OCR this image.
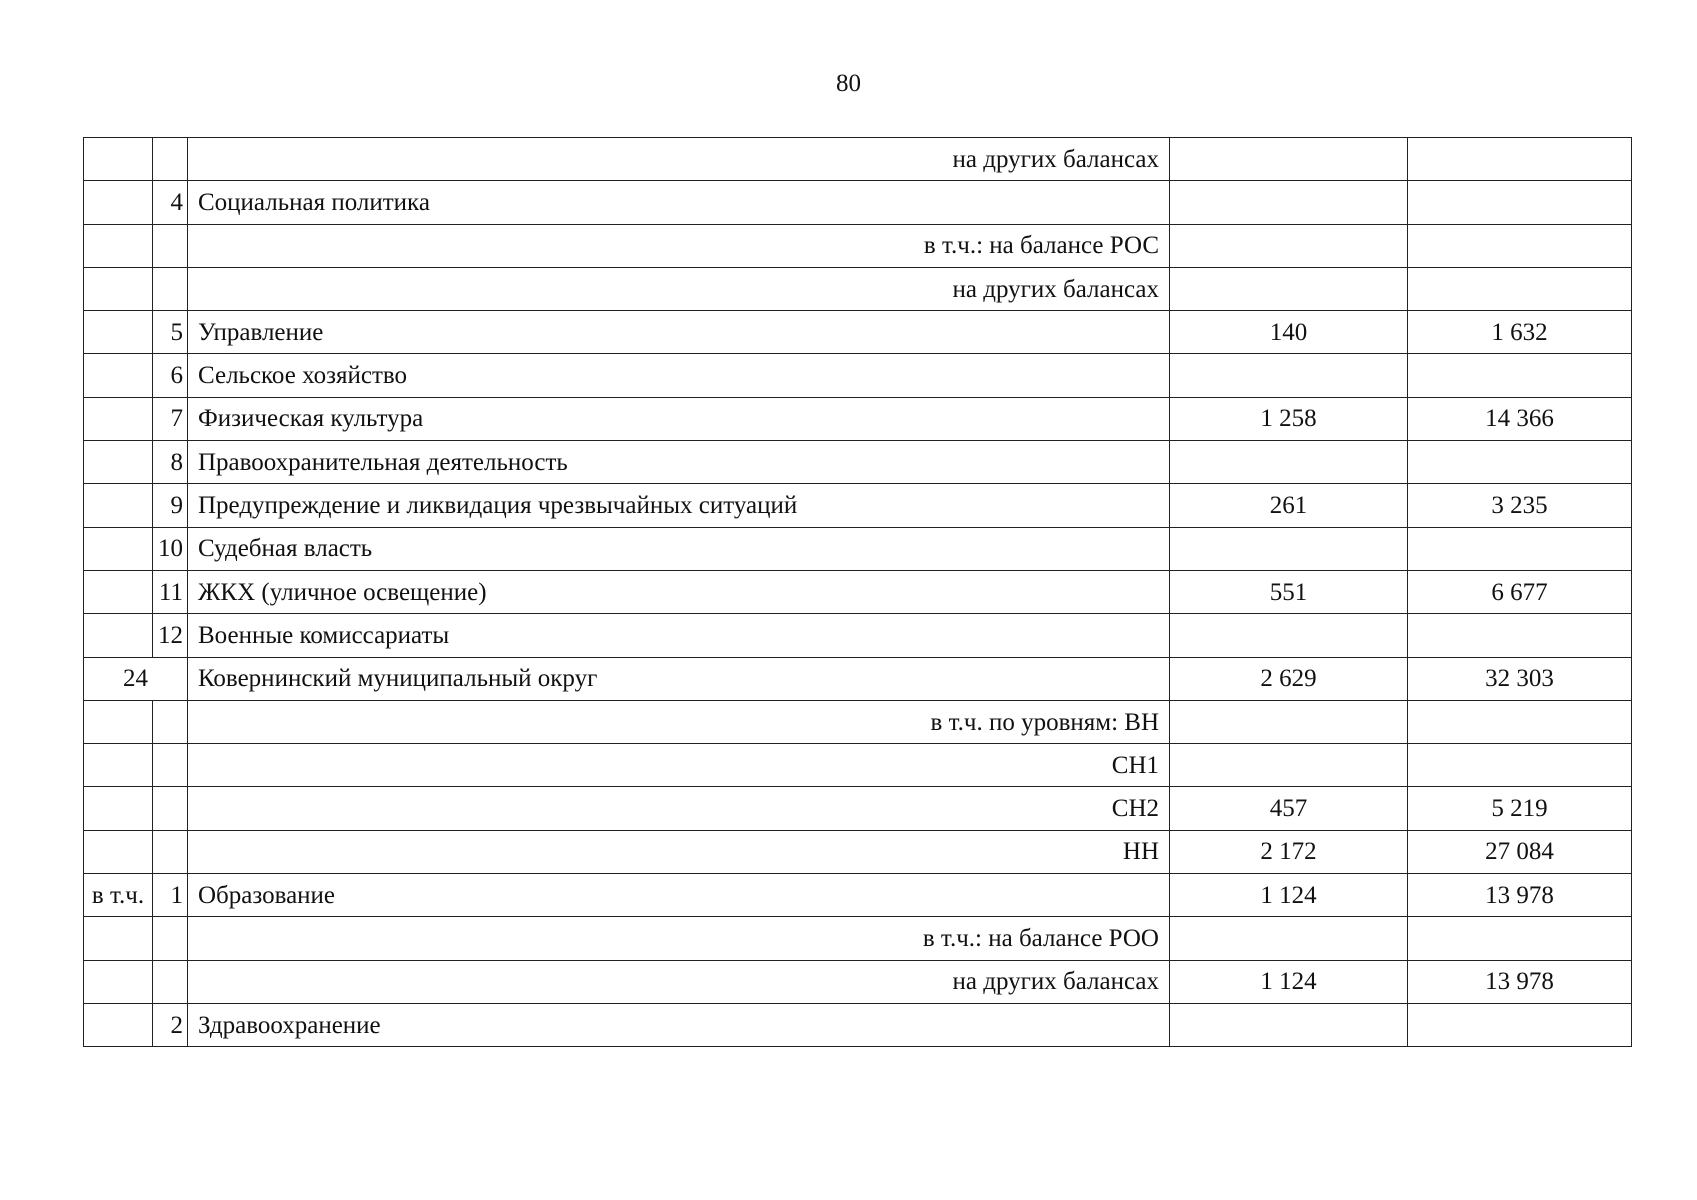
80
		на других балансах		
	4	Социальная политика		
		в т.ч.: на балансе РОС		
		на других балансах		
	5	Управление	140	1 632
	6	Сельское хозяйство		
	7	Физическая культура	1 258	14 366
	8	Правоохранительная деятельность		
	9	Предупреждение и ликвидация чрезвычайных ситуаций	261	3 235
	10	Судебная власть		
	11	ЖКХ (уличное освещение)	551	6 677
	12	Военные комиссариаты		
24		Ковернинский муниципальный округ	2 629	32 303
		в т.ч. по уровням: ВН		
		СН1		
		СН2	457	5 219
		НН	2 172	27 084
в т.ч.	1	Образование	1 124	13 978
		в т.ч.: на балансе РОО		
		на других балансах	1 124	13 978
	2	Здравоохранение		
